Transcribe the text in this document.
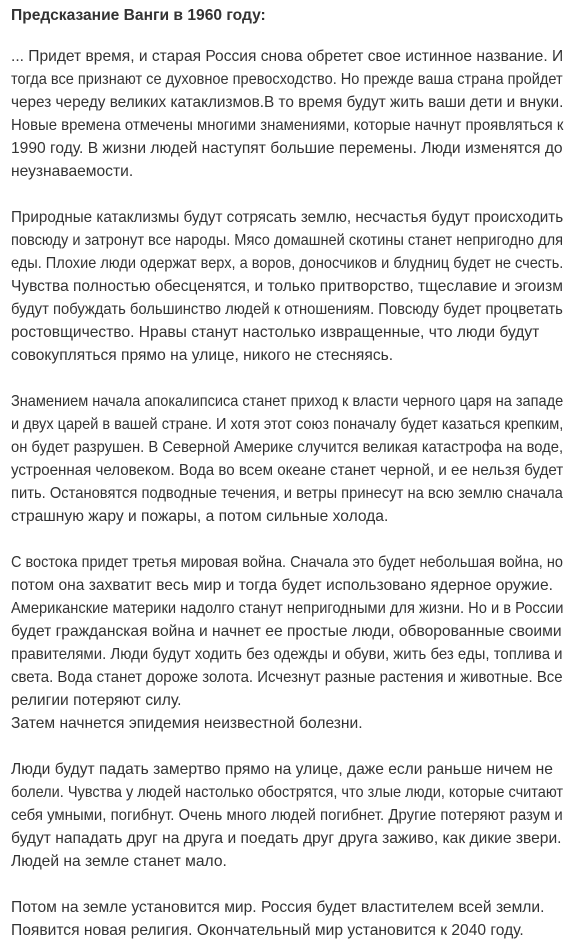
Предсказание Ванги в 1960 году:
... Придет время, и старая Россия снова обретет свое истинное название. И
тогда все признают се духовное превосходство. Но прежде ваша страна пройдет
через череду великих катаклизмов.В то время будут жить ваши дети и внуки.
Новые времена отмечены многими знамениями, которые начнут проявляться к
1990 году. В жизни людей наступят большие перемены. Люди изменятся до
неузнаваемости.
Природные катаклизмы будут сотрясать землю, несчастья будут происходить
повсюду и затронут все народы. Мясо домашней скотины станет непригодно для
еды. Плохие люди одержат верх, а воров, доносчиков и блудниц будет не счесть.
Чувства полностью обесценятся, и только притворство, тщеславие и эгоизм
будут побуждать большинство людей к отношениям. Повсюду будет процветать
ростовщичество. Нравы станут настолько извращенные, что люди будут
совокупляться прямо на улице, никого не стесняясь.
Знамением начала апокалипсиса станет приход к власти черного царя на западе
и двух царей в вашей стране. И хотя этот союз поначалу будет казаться крепким,
он будет разрушен. В Северной Америке случится великая катастрофа на воде,
устроенная человеком. Вода во всем океане станет черной, и ее нельзя будет
пить. Остановятся подводные течения, и ветры принесут на всю землю сначала
страшную жару и пожары, а потом сильные холода.
С востока придет третья мировая война. Сначала это будет небольшая война, но
потом она захватит весь мир и тогда будет использовано ядерное оружие.
Американские материки надолго станут непригодными для жизни. Но и в России
будет гражданская война и начнет ее простые люди, обворованные своими
правителями. Люди будут ходить без одежды и обуви, жить без еды, топлива и
света. Вода станет дороже золота. Исчезнут разные растения и животные. Все
религии потеряют силу.
Затем начнется эпидемия неизвестной болезни.
Люди будут падать замертво прямо на улице, даже если раньше ничем не
болели. Чувства у людей настолько обострятся, что злые люди, которые считают
себя умными, погибнут. Очень много людей погибнет. Другие потеряют разум и
будут нападать друг на друга и поедать друг друга заживо, как дикие звери.
Людей на земле станет мало.
Потом на земле установится мир. Россия будет властителем всей земли.
Появится новая религия. Окончательный мир установится к 2040 году.
